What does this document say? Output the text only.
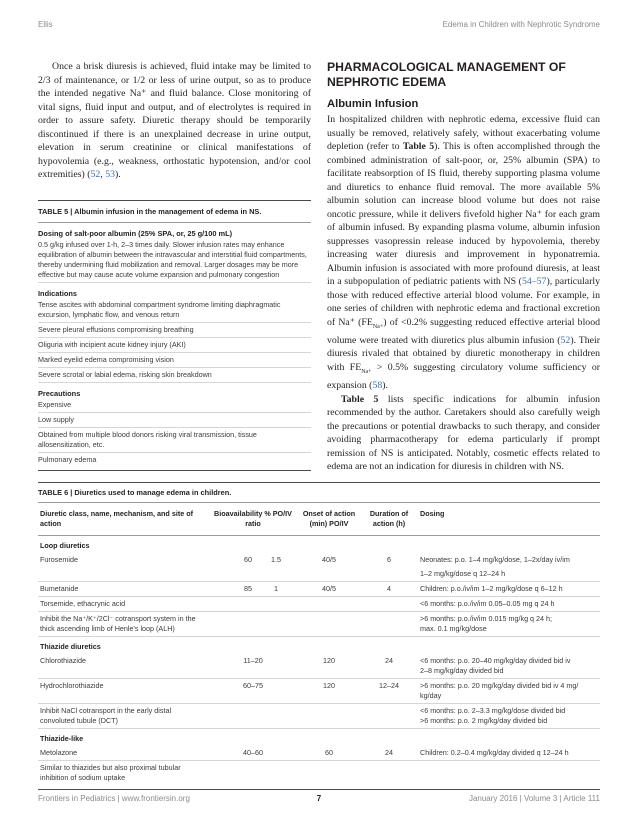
Ellis	Edema in Children with Nephrotic Syndrome

Once a brisk diuresis is achieved, fluid intake may be limited to 2/3 of maintenance, or 1/2 or less of urine output, so as to produce the intended negative Na⁺ and fluid balance. Close monitoring of vital signs, fluid input and output, and of electrolytes is required in order to assure safety. Diuretic therapy should be temporarily discontinued if there is an unexplained decrease in urine output, elevation in serum creatinine or clinical manifestations of hypovolemia (e.g., weakness, orthostatic hypotension, and/or cool extremities) (52, 53).

TABLE 5 | Albumin infusion in the management of edema in NS.
Dosing of salt-poor albumin (25% SPA, or, 25 g/100 mL)
0.5 g/kg infused over 1-h, 2–3 times daily. Slower infusion rates may enhance equilibration of albumin between the intravascular and interstitial fluid compartments, thereby undermining fluid mobilization and removal. Larger dosages may be more effective but may cause acute volume expansion and pulmonary congestion
Indications
Tense ascites with abdominal compartment syndrome limiting diaphragmatic excursion, lymphatic flow, and venous return
Severe pleural effusions compromising breathing
Oliguria with incipient acute kidney injury (AKI)
Marked eyelid edema compromising vision
Severe scrotal or labial edema, risking skin breakdown
Precautions
Expensive
Low supply
Obtained from multiple blood donors risking viral transmission, tissue allosensitization, etc.
Pulmonary edema
PHARMACOLOGICAL MANAGEMENT OF NEPHROTIC EDEMA
Albumin Infusion

In hospitalized children with nephrotic edema, excessive fluid can usually be removed, relatively safely, without exacerbating volume depletion (refer to Table 5). This is often accomplished through the combined administration of salt-poor, or, 25% albumin (SPA) to facilitate reabsorption of IS fluid, thereby supporting plasma volume and diuretics to enhance fluid removal. The more available 5% albumin solution can increase blood volume but does not raise oncotic pressure, while it delivers fivefold higher Na⁺ for each gram of albumin infused. By expanding plasma volume, albumin infusion suppresses vasopressin release induced by hypovolemia, thereby increasing water diuresis and improvement in hyponatremia. Albumin infusion is associated with more profound diuresis, at least in a subpopulation of pediatric patients with NS (54–57), particularly those with reduced effective arterial blood volume. For example, in one series of children with nephrotic edema and fractional excretion of Na⁺ $(FE_{Na+})$ of <0.2% suggesting reduced effective arterial blood volume were treated with diuretics plus albumin infusion (52). Their diuresis rivaled that obtained by diuretic monotherapy in children with $FE_{Na+} > 0.5\%$ suggesting circulatory volume sufficiency or expansion (58).

Table 5 lists specific indications for albumin infusion recommended by the author. Caretakers should also carefully weigh the precautions or potential drawbacks to such therapy, and consider avoiding pharmacotherapy for edema particularly if prompt remission of NS is anticipated. Notably, cosmetic effects related to edema are not an indication for diuresis in children with NS.

TABLE 6 | Diuretics used to manage edema in children.
Diuretic class, name, mechanism, and site of action	Bioavailability % PO/IV ratio		Onset of action (min) PO/IV	Duration of action (h)	Dosing
Loop diuretics					
Furosemide	60	1.5	40/5	6	Neonates: p.o. 1–4 mg/kg/dose, 1–2x/day iv/im
					1–2 mg/kg/dose q 12–24 h
Bumetanide	85	1	40/5	4	Children: p.o./iv/im 1–2 mg/kg/dose q 6–12 h
Torsemide, ethacrynic acid					<6 months: p.o./iv/im 0.05–0.05 mg q 24 h
Inhibit the Na⁺/K⁺/2Cl⁻ cotransport system in the thick ascending limb of Henle's loop (ALH)					>6 months: p.o./iv/im 0.015 mg/kg q 24 h;
max. 0.1 mg/kg/dose
Thiazide diuretics					
Chlorothiazide	11–20		120	24	<6 months: p.o. 20–40 mg/kg/day divided bid iv
2–8 mg/kg/day divided bid
Hydrochlorothiazide	60–75		120	12–24	>6 months: p.o. 20 mg/kg/day divided bid iv 4 mg/
kg/day
Inhibit NaCl cotransport in the early distal convoluted tubule (DCT)					<6 months: p.o. 2–3.3 mg/kg/dose divided bid
>6 months: p.o. 2 mg/kg/day divided bid
Thiazide-like					
Metolazone	40–60		60	24	Children: 0.2–0.4 mg/kg/day divided q 12–24 h
Similar to thiazides but also proximal tubular inhibition of sodium uptake					
Frontiers in Pediatrics | www.frontiersin.org	7	January 2016 | Volume 3 | Article 111
